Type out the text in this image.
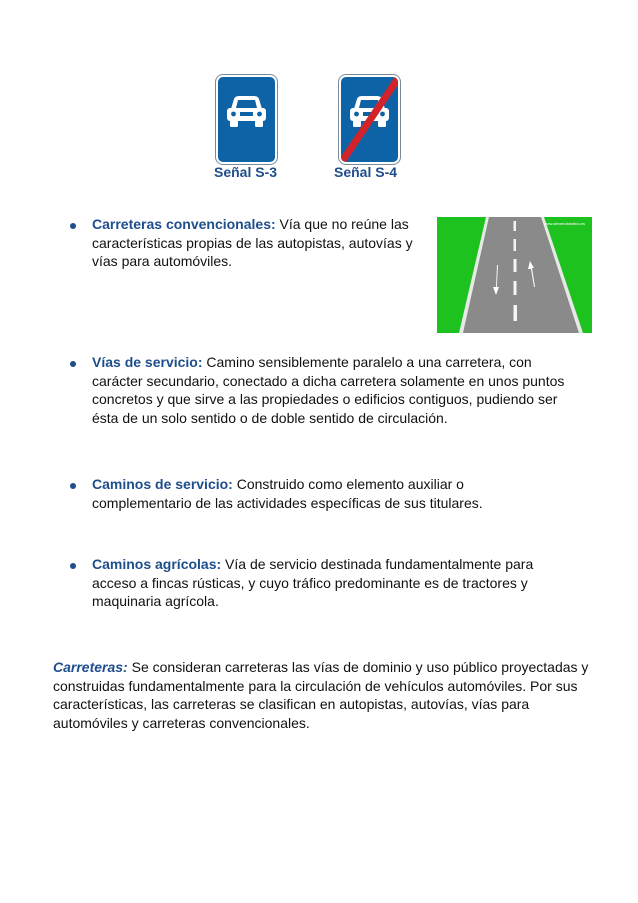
Señal S-3	Señal S-4
Carreteras convencionales: Vía que no reúne las características propias de las autopistas, autovías y vías para automóviles.
www.almeridatrafico.es
Vías de servicio: Camino sensiblemente paralelo a una carretera, con carácter secundario, conectado a dicha carretera solamente en unos puntos concretos y que sirve a las propiedades o edificios contiguos, pudiendo ser ésta de un solo sentido o de doble sentido de circulación.
Caminos de servicio: Construido como elemento auxiliar o complementario de las actividades específicas de sus titulares.
Caminos agrícolas: Vía de servicio destinada fundamentalmente para acceso a fincas rústicas, y cuyo tráfico predominante es de tractores y maquinaria agrícola.
Carreteras: Se consideran carreteras las vías de dominio y uso público proyectadas y construidas fundamentalmente para la circulación de vehículos automóviles. Por sus características, las carreteras se clasifican en autopistas, autovías, vías para automóviles y carreteras convencionales.
